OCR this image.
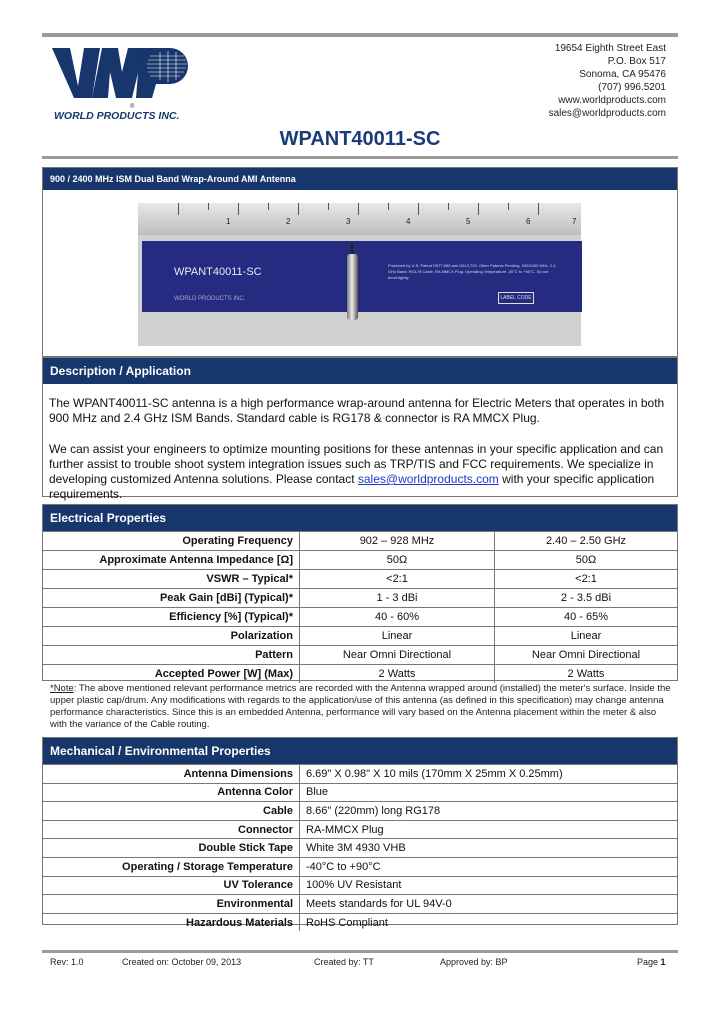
®
WORLD PRODUCTS INC.
19654 Eighth Street East
P.O. Box 517
Sonoma, CA 95476
(707) 996.5201
www.worldproducts.com
sales@worldproducts.com
WPANT40011-SC
900 / 2400 MHz ISM Dual Band Wrap-Around AMI Antenna
1	2	3	4	5	6	7
WPANT40011-SC
WORLD PRODUCTS INC.
Protected by U.S. Patent D577,658 and D613,733. Other Patents Pending. 900/2400 MHz, 2.4 GHz Band. RG178 Cable. RA MMCX Plug. Operating Temperature -40°C to +90°C. Do not bend tightly.
LABEL CODE
Description / Application
The WPANT40011-SC antenna is a high performance wrap-around antenna for Electric Meters that operates in both 900 MHz and 2.4 GHz ISM Bands. Standard cable is RG178 & connector is RA MMCX Plug.
We can assist your engineers to optimize mounting positions for these antennas in your specific application and can further assist to trouble shoot system integration issues such as TRP/TIS and FCC requirements. We specialize in developing customized Antenna solutions. Please contact sales@worldproducts.com with your specific application requirements.
Electrical Properties
Operating Frequency	902 – 928 MHz	2.40 – 2.50 GHz
Approximate Antenna Impedance [Ω]	50Ω	50Ω
VSWR – Typical*	<2:1	<2:1
Peak Gain [dBi] (Typical)*	1 - 3 dBi	2 - 3.5 dBi
Efficiency [%] (Typical)*	40 - 60%	40 - 65%
Polarization	Linear	Linear
Pattern	Near Omni Directional	Near Omni Directional
Accepted Power [W] (Max)	2 Watts	2 Watts
*Note: The above mentioned relevant performance metrics are recorded with the Antenna wrapped around (installed) the meter's surface. Inside the upper plastic cap/drum. Any modifications with regards to the application/use of this antenna (as defined in this specification) may change antenna performance characteristics. Since this is an embedded Antenna, performance will vary based on the Antenna placement within the meter & also with the variance of the Cable routing.
Mechanical / Environmental Properties
Antenna Dimensions	6.69" X 0.98" X 10 mils (170mm X 25mm X 0.25mm)
Antenna Color	Blue
Cable	8.66" (220mm) long RG178
Connector	RA-MMCX Plug
Double Stick Tape	White 3M 4930 VHB
Operating / Storage Temperature	-40°C to +90°C
UV Tolerance	100% UV Resistant
Environmental	Meets standards for UL 94V-0
Hazardous Materials	RoHS Compliant
Rev: 1.0	Created on: October 09, 2013	Created by: TT	Approved by: BP	Page 1
